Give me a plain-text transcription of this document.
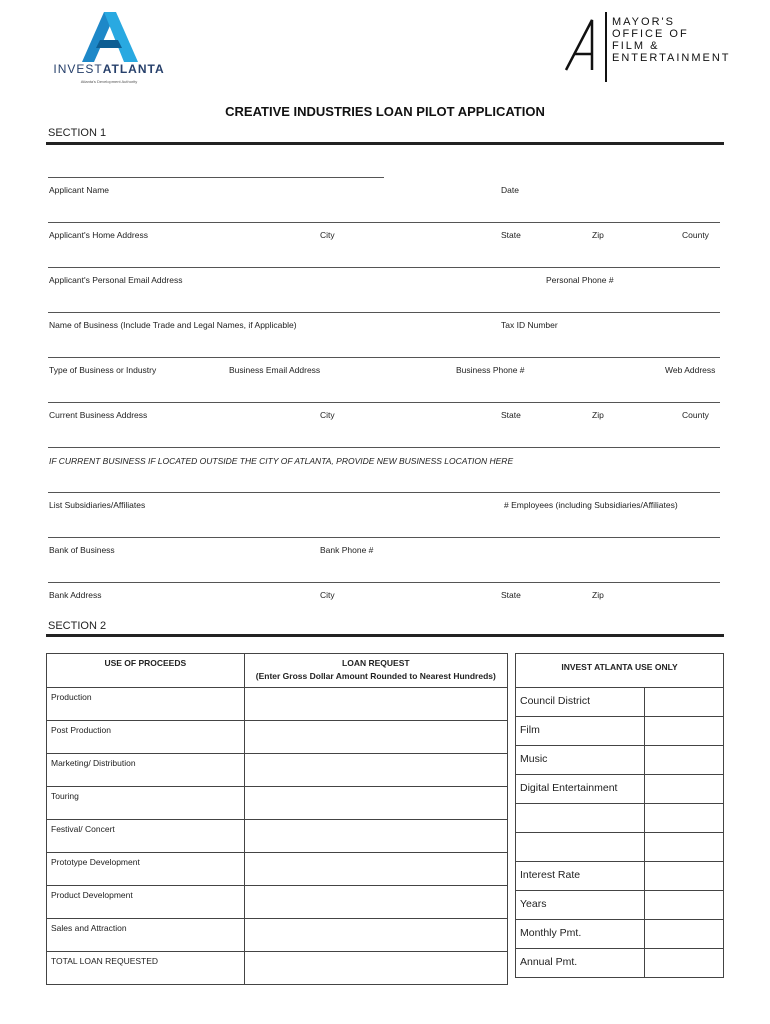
INVESTATLANTA
Atlanta's Development Authority
MAYOR'S
OFFICE OF
FILM &
ENTERTAINMENT
CREATIVE INDUSTRIES LOAN PILOT APPLICATION
SECTION 1
Applicant Name	Date
Applicant's Home Address	City	State	Zip	County
Applicant's Personal Email Address	Personal Phone #
Name of Business (Include Trade and Legal Names, if Applicable)	Tax ID Number
Type of Business or Industry	Business Email Address	Business Phone #	Web Address
Current Business Address	City	State	Zip	County
IF CURRENT BUSINESS IF LOCATED OUTSIDE THE CITY OF ATLANTA, PROVIDE NEW BUSINESS LOCATION HERE
List Subsidiaries/Affiliates	# Employees (including Subsidiaries/Affiliates)
Bank of Business	Bank Phone #
Bank Address	City	State	Zip
SECTION 2
USE OF PROCEEDS	LOAN REQUEST
(Enter Gross Dollar Amount Rounded to Nearest Hundreds)

Production	
Post Production	
Marketing/ Distribution	
Touring	
Festival/ Concert	
Prototype Development	
Product Development	
Sales and Attraction	
TOTAL LOAN REQUESTED	
INVEST ATLANTA USE ONLY	
Council District	
Film	
Music	
Digital Entertainment	

Interest Rate	
Years	
Monthly Pmt.	
Annual Pmt.	
